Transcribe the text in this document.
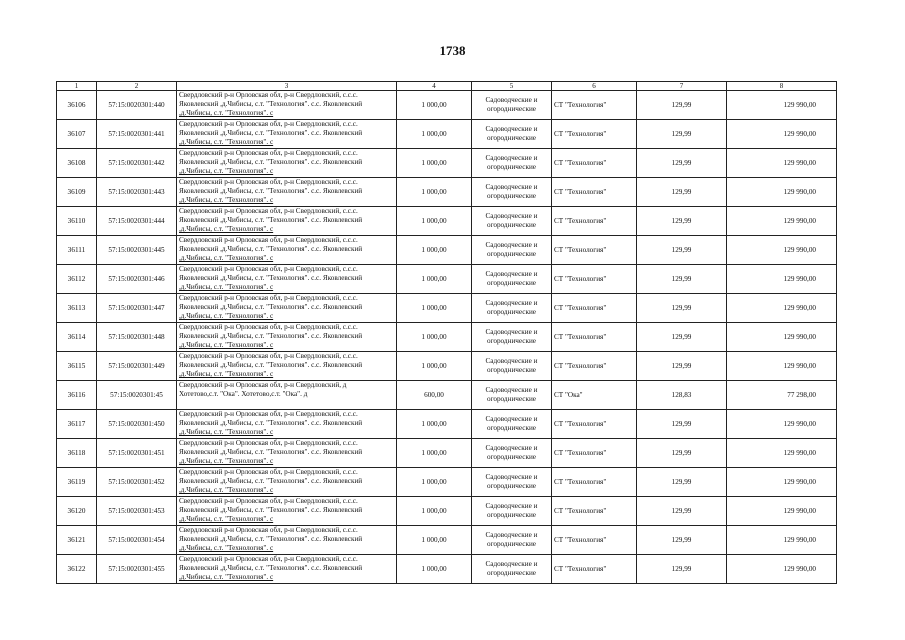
1738
1	2	3	4	5	6	7	8
36106	57:15:0020301:440	Свердловский р-н Орловская обл, р-н Свердловский, с.с.с.
Яковлевский ,д.Чибисы, с.т. "Технология". с.с. Яковлевский
,д.Чибисы, с.т. "Технология". с	1 000,00	Садоводческие и огороднические	СТ "Технология"	129,99	129 990,00
36107	57:15:0020301:441	Свердловский р-н Орловская обл, р-н Свердловский, с.с.с.
Яковлевский ,д.Чибисы, с.т. "Технология". с.с. Яковлевский
,д.Чибисы, с.т. "Технология". с	1 000,00	Садоводческие и огороднические	СТ "Технология"	129,99	129 990,00
36108	57:15:0020301:442	Свердловский р-н Орловская обл, р-н Свердловский, с.с.с.
Яковлевский ,д.Чибисы, с.т. "Технология". с.с. Яковлевский
,д.Чибисы, с.т. "Технология". с	1 000,00	Садоводческие и огороднические	СТ "Технология"	129,99	129 990,00
36109	57:15:0020301:443	Свердловский р-н Орловская обл, р-н Свердловский, с.с.с.
Яковлевский ,д.Чибисы, с.т. "Технология". с.с. Яковлевский
,д.Чибисы, с.т. "Технология". с	1 000,00	Садоводческие и огороднические	СТ "Технология"	129,99	129 990,00
36110	57:15:0020301:444	Свердловский р-н Орловская обл, р-н Свердловский, с.с.с.
Яковлевский ,д.Чибисы, с.т. "Технология". с.с. Яковлевский
,д.Чибисы, с.т. "Технология". с	1 000,00	Садоводческие и огороднические	СТ "Технология"	129,99	129 990,00
36111	57:15:0020301:445	Свердловский р-н Орловская обл, р-н Свердловский, с.с.с.
Яковлевский ,д.Чибисы, с.т. "Технология". с.с. Яковлевский
,д.Чибисы, с.т. "Технология". с	1 000,00	Садоводческие и огороднические	СТ "Технология"	129,99	129 990,00
36112	57:15:0020301:446	Свердловский р-н Орловская обл, р-н Свердловский, с.с.с.
Яковлевский ,д.Чибисы, с.т. "Технология". с.с. Яковлевский
,д.Чибисы, с.т. "Технология". с	1 000,00	Садоводческие и огороднические	СТ "Технология"	129,99	129 990,00
36113	57:15:0020301:447	Свердловский р-н Орловская обл, р-н Свердловский, с.с.с.
Яковлевский ,д.Чибисы, с.т. "Технология". с.с. Яковлевский
,д.Чибисы, с.т. "Технология". с	1 000,00	Садоводческие и огороднические	СТ "Технология"	129,99	129 990,00
36114	57:15:0020301:448	Свердловский р-н Орловская обл, р-н Свердловский, с.с.с.
Яковлевский ,д.Чибисы, с.т. "Технология". с.с. Яковлевский
,д.Чибисы, с.т. "Технология". с	1 000,00	Садоводческие и огороднические	СТ "Технология"	129,99	129 990,00
36115	57:15:0020301:449	Свердловский р-н Орловская обл, р-н Свердловский, с.с.с.
Яковлевский ,д.Чибисы, с.т. "Технология". с.с. Яковлевский
,д.Чибисы, с.т. "Технология". с	1 000,00	Садоводческие и огороднические	СТ "Технология"	129,99	129 990,00
36116	57:15:0020301:45	Свердловский р-н Орловская обл, р-н Свердловский, д
Хотетово,с.т. "Ока". Хотетово,с.т. "Ока". д	600,00	Садоводческие и огороднические	СТ "Ока"	128,83	77 298,00
36117	57:15:0020301:450	Свердловский р-н Орловская обл, р-н Свердловский, с.с.с.
Яковлевский ,д.Чибисы, с.т. "Технология". с.с. Яковлевский
,д.Чибисы, с.т. "Технология". с	1 000,00	Садоводческие и огороднические	СТ "Технология"	129,99	129 990,00
36118	57:15:0020301:451	Свердловский р-н Орловская обл, р-н Свердловский, с.с.с.
Яковлевский ,д.Чибисы, с.т. "Технология". с.с. Яковлевский
,д.Чибисы, с.т. "Технология". с	1 000,00	Садоводческие и огороднические	СТ "Технология"	129,99	129 990,00
36119	57:15:0020301:452	Свердловский р-н Орловская обл, р-н Свердловский, с.с.с.
Яковлевский ,д.Чибисы, с.т. "Технология". с.с. Яковлевский
,д.Чибисы, с.т. "Технология". с	1 000,00	Садоводческие и огороднические	СТ "Технология"	129,99	129 990,00
36120	57:15:0020301:453	Свердловский р-н Орловская обл, р-н Свердловский, с.с.с.
Яковлевский ,д.Чибисы, с.т. "Технология". с.с. Яковлевский
,д.Чибисы, с.т. "Технология". с	1 000,00	Садоводческие и огороднические	СТ "Технология"	129,99	129 990,00
36121	57:15:0020301:454	Свердловский р-н Орловская обл, р-н Свердловский, с.с.с.
Яковлевский ,д.Чибисы, с.т. "Технология". с.с. Яковлевский
,д.Чибисы, с.т. "Технология". с	1 000,00	Садоводческие и огороднические	СТ "Технология"	129,99	129 990,00
36122	57:15:0020301:455	Свердловский р-н Орловская обл, р-н Свердловский, с.с.с.
Яковлевский ,д.Чибисы, с.т. "Технология". с.с. Яковлевский
,д.Чибисы, с.т. "Технология". с	1 000,00	Садоводческие и огороднические	СТ "Технология"	129,99	129 990,00
